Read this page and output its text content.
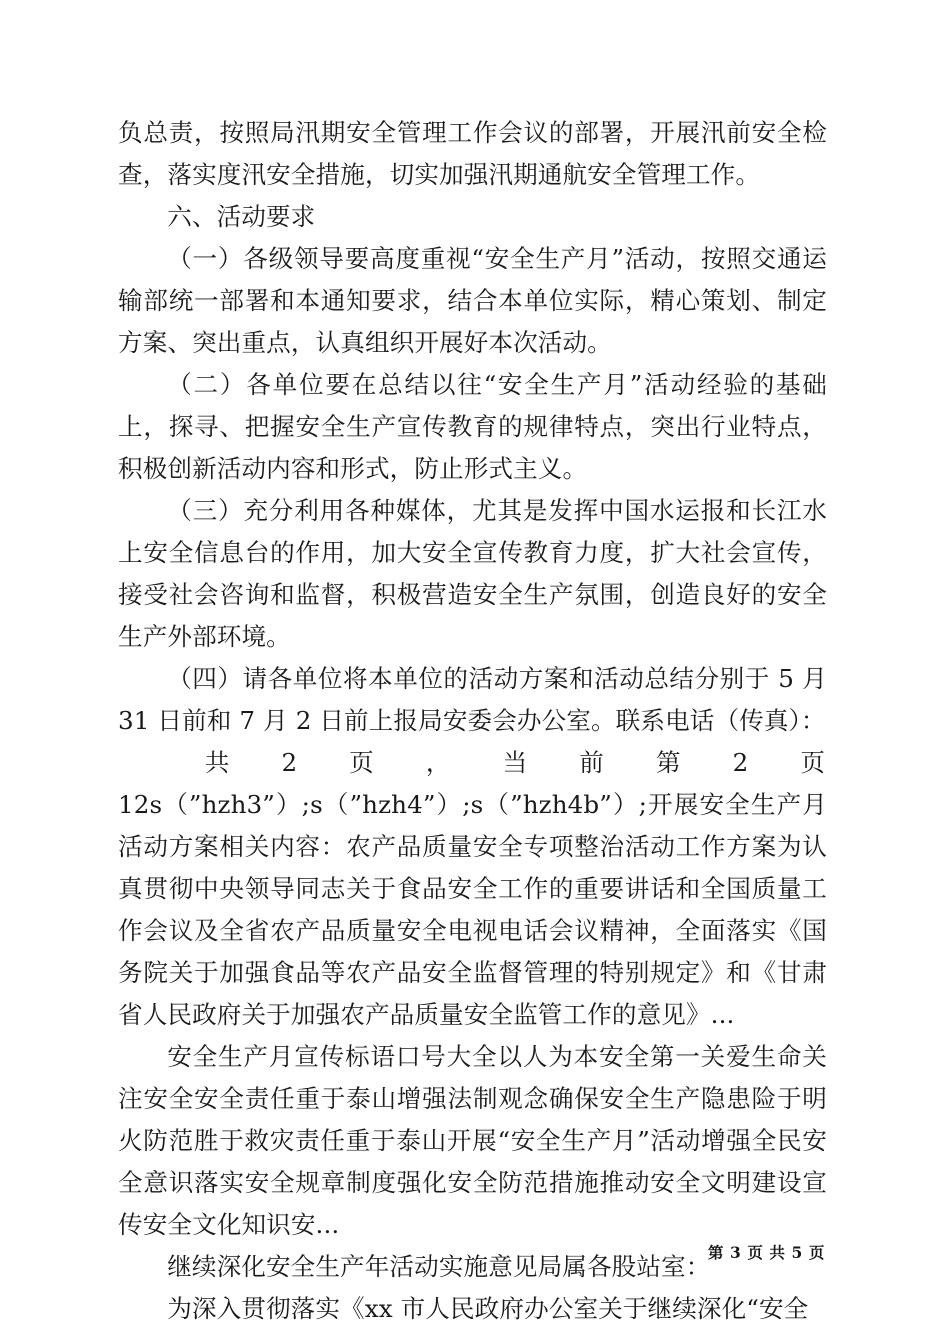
负总责，按照局汛期安全管理工作会议的部署，开展汛前安全检查，落实度汛安全措施，切实加强汛期通航安全管理工作。

六、活动要求

（一）各级领导要高度重视“安全生产月”活动，按照交通运输部统一部署和本通知要求，结合本单位实际，精心策划、制定方案、突出重点，认真组织开展好本次活动。

（二）各单位要在总结以往“安全生产月”活动经验的基础上，探寻、把握安全生产宣传教育的规律特点，突出行业特点，积极创新活动内容和形式，防止形式主义。

（三）充分利用各种媒体，尤其是发挥中国水运报和长江水上安全信息台的作用，加大安全宣传教育力度，扩大社会宣传，接受社会咨询和监督，积极营造安全生产氛围，创造良好的安全生产外部环境。

（四）请各单位将本单位的活动方案和活动总结分别于 5 月 31 日前和 7 月 2 日前上报局安委会办公室。联系电话（传真）：

共 2 页 ， 当 前 第 2 页

12s（”hzh3”）;s（”hzh4”）;s（”hzh4b”）;开展安全生产月活动方案相关内容：农产品质量安全专项整治活动工作方案为认真贯彻中央领导同志关于食品安全工作的重要讲话和全国质量工作会议及全省农产品质量安全电视电话会议精神，全面落实《国务院关于加强食品等农产品安全监督管理的特别规定》和《甘肃省人民政府关于加强农产品质量安全监管工作的意见》...

安全生产月宣传标语口号大全以人为本安全第一关爱生命关注安全安全责任重于泰山增强法制观念确保安全生产隐患险于明火防范胜于救灾责任重于泰山开展“安全生产月”活动增强全民安全意识落实安全规章制度强化安全防范措施推动安全文明建设宣传安全文化知识安...

继续深化安全生产年活动实施意见局属各股站室：

为深入贯彻落实《xx 市人民政府办公室关于继续深化“安全

第 3 页 共 5 页
